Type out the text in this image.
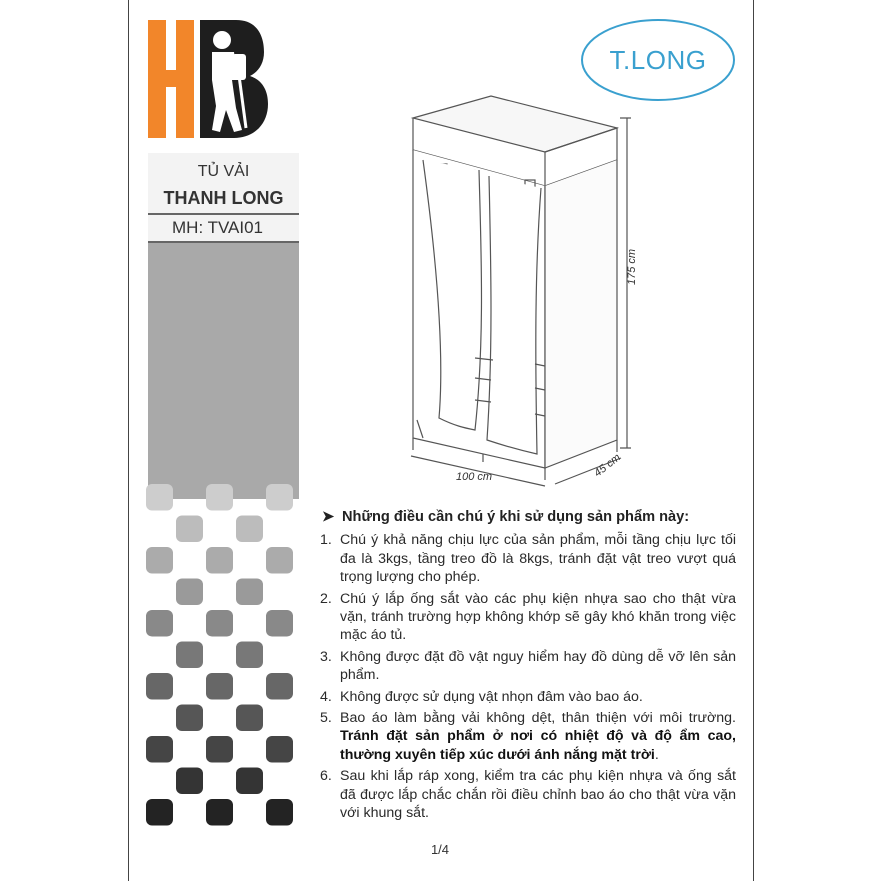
T.LONG
TỦ VẢI
THANH LONG
MH: TVAI01
175 cm
100 cm	45 cm
➤ Những điều cần chú ý khi sử dụng sản phẩm này:
1. Chú ý khả năng chịu lực của sản phẩm, mỗi tầng chịu lực tối đa là 3kgs, tầng treo đồ là 8kgs, tránh đặt vật treo vượt quá trọng lượng cho phép.
2. Chú ý lắp ống sắt vào các phụ kiện nhựa sao cho thật vừa vặn, tránh trường hợp không khớp sẽ gây khó khăn trong việc mặc áo tủ.
3. Không được đặt đồ vật nguy hiểm hay đồ dùng dễ vỡ lên sản phẩm.
4. Không được sử dụng vật nhọn đâm vào bao áo.
5. Bao áo làm bằng vải không dệt, thân thiện với môi trường. Tránh đặt sản phẩm ở nơi có nhiệt độ và độ ẩm cao, thường xuyên tiếp xúc dưới ánh nắng mặt trời.
6. Sau khi lắp ráp xong, kiểm tra các phụ kiện nhựa và ống sắt đã được lắp chắc chắn rồi điều chỉnh bao áo cho thật vừa vặn với khung sắt.
1/4
